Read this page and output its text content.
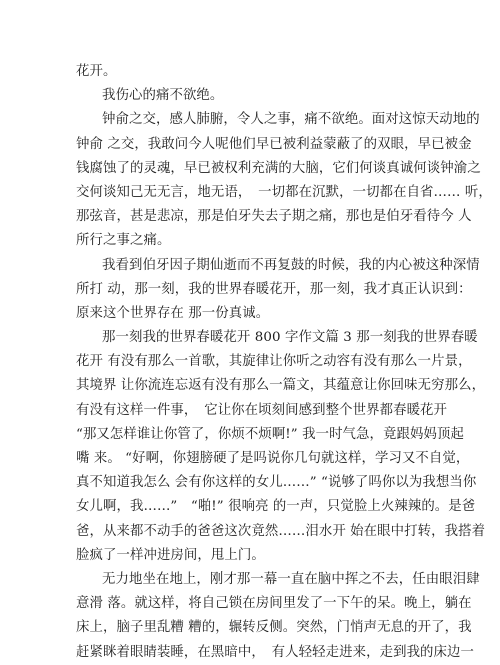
花开。
我伤心的痛不欲绝。
钟俞之交，感人肺腑，令人之事，痛不欲绝。面对这惊天动地的
钟俞 之交，我敢问今人呢他们早已被利益蒙蔽了的双眼，早已被金
钱腐蚀了的灵魂，早已被权利充满的大脑，它们何谈真诚何谈钟渝之
交何谈知己无无言，地无语，　一切都在沉默，一切都在自省…… 听，
那弦音，甚是悲凉，那是伯牙失去子期之痛，那也是伯牙看待今 人
所行之事之痛。
我看到伯牙因子期仙逝而不再复鼓的时候，我的内心被这种深情
所打 动，那一刻，我的世界春暖花开，那一刻，我才真正认识到：
原来这个世界存在 那一份真诚。
那一刻我的世界春暖花开 800 字作文篇 3 那一刻我的世界春暖
花开 有没有那么一首歌，其旋律让你听之动容有没有那么一片景，
其境界 让你流连忘返有没有那么一篇文，其蕴意让你回味无穷那么，
有没有这样一件事，　它让你在顷刻间感到整个世界都春暖花开
“那又怎样谁让你管了，你烦不烦啊!” 我一时气急，竟跟妈妈顶起
嘴 来。 “好啊，你翅膀硬了是吗说你几句就这样，学习又不自觉，
真不知道我怎么 会有你这样的女儿……” “说够了吗你以为我想当你
女儿啊，我……”　“啪!” 很响亮 的一声，只觉脸上火辣辣的。是爸
爸，从来都不动手的爸爸这次竟然……泪水开 始在眼中打转，我搭着
脸疯了一样冲进房间，甩上门。
无力地坐在地上，刚才那一幕一直在脑中挥之不去，任由眼泪肆
意滑 落。就这样，将自己锁在房间里发了一下午的呆。晚上，躺在
床上，脑子里乱糟 糟的，辗转反侧。突然，门悄声无息的开了，我
赶紧眯着眼睛装睡，在黑暗中，　有人轻轻走进来，走到我的床边一
